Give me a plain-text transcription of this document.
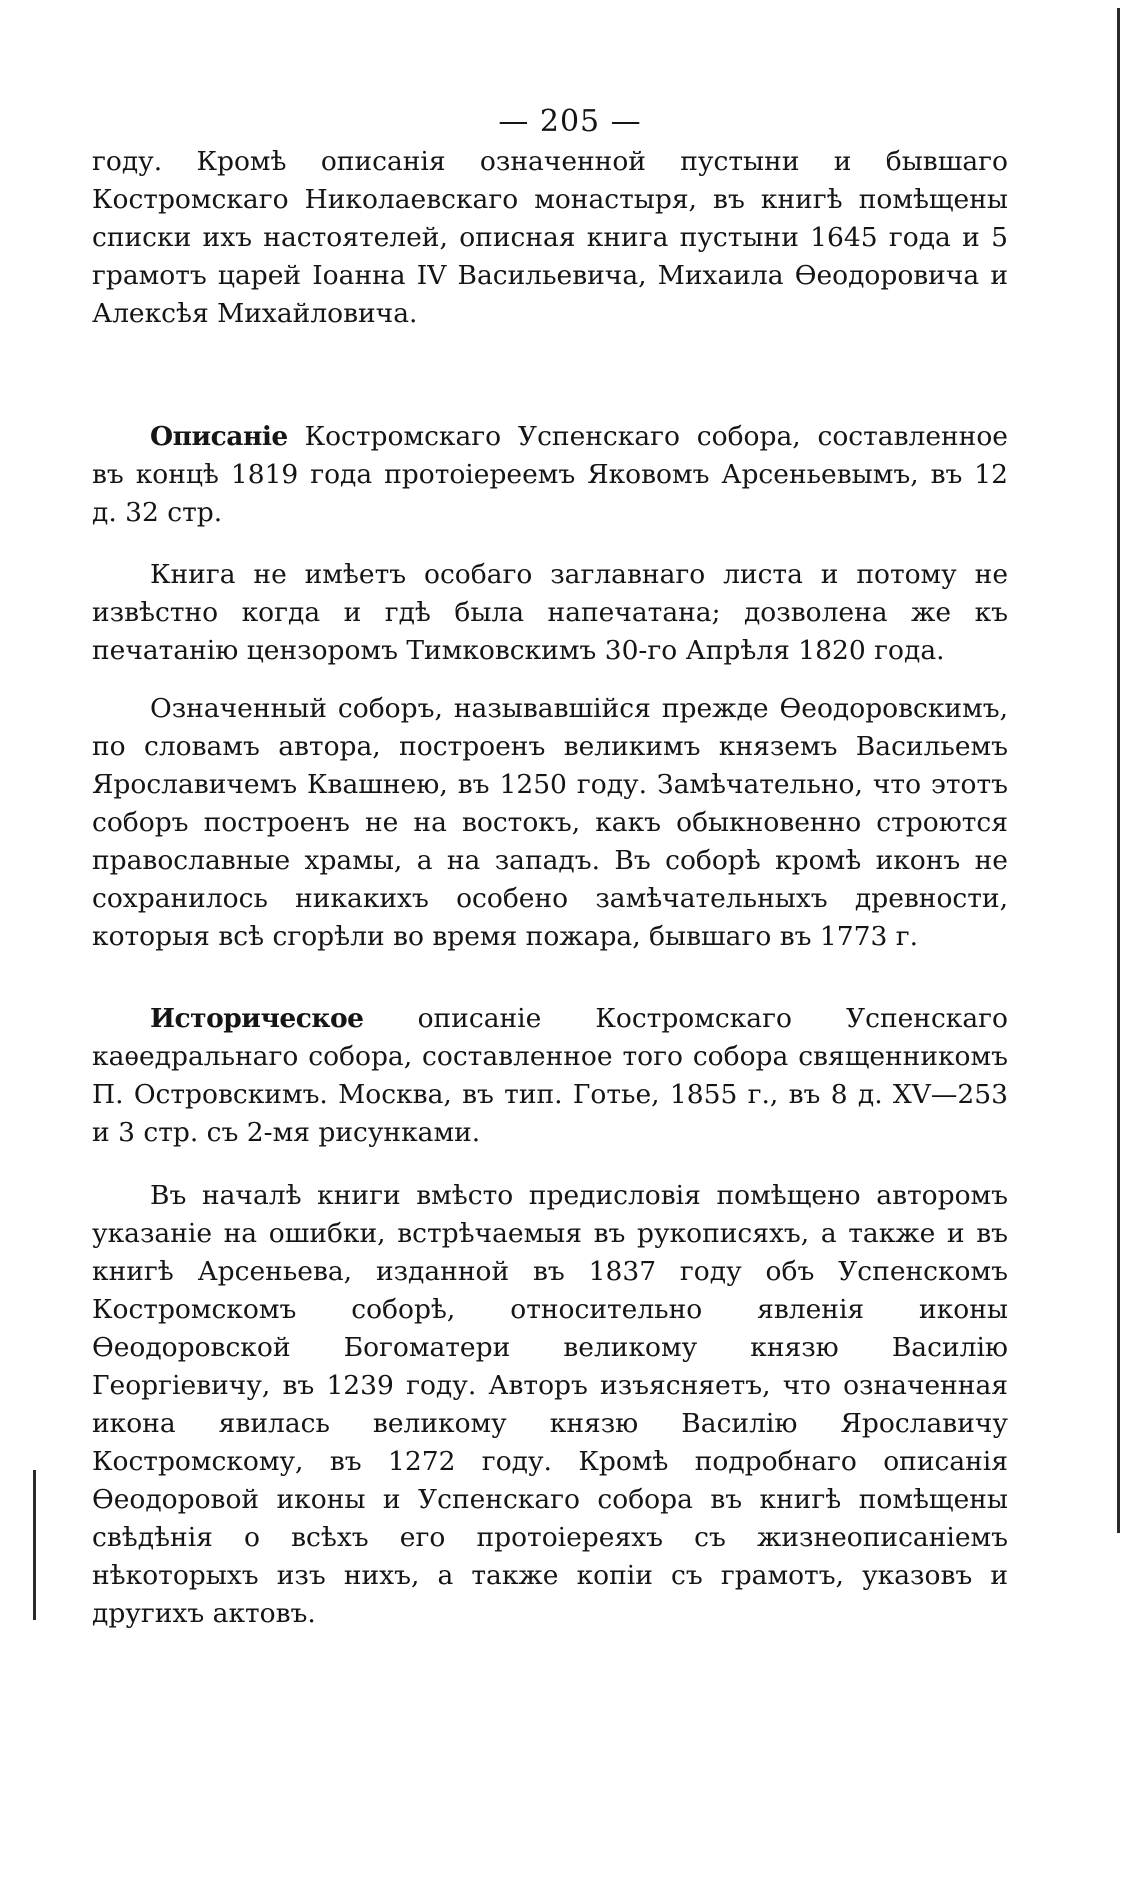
— 205 —

году. Кромѣ описанія означенной пустыни и бывшаго Костромскаго Николаевскаго монастыря, въ книгѣ помѣщены списки ихъ настоятелей, описная книга пустыни 1645 года и 5 грамотъ царей Іоанна IV Васильевича, Михаила Ѳеодоровича и Алексѣя Михайловича.

Описаніе Костромскаго Успенскаго собора, составленное въ концѣ 1819 года протоіереемъ Яковомъ Арсеньевымъ, въ 12 д. 32 стр.

Книга не имѣетъ особаго заглавнаго листа и потому не извѣстно когда и гдѣ была напечатана; дозволена же къ печатанію цензоромъ Тимковскимъ 30-го Апрѣля 1820 года.

Означенный соборъ, называвшійся прежде Ѳеодоровскимъ, по словамъ автора, построенъ великимъ княземъ Васильемъ Ярославичемъ Квашнею, въ 1250 году. Замѣчательно, что этотъ соборъ построенъ не на востокъ, какъ обыкновенно строются православные храмы, а на западъ. Въ соборѣ кромѣ иконъ не сохранилось никакихъ особено замѣчательныхъ древности, которыя всѣ сгорѣли во время пожара, бывшаго въ 1773 г.

Историческое описаніе Костромскаго Успенскаго каѳедральнаго собора, составленное того собора священникомъ П. Островскимъ. Москва, въ тип. Готье, 1855 г., въ 8 д. XV—253 и 3 стр. съ 2-мя рисунками.

Въ началѣ книги вмѣсто предисловія помѣщено авторомъ указаніе на ошибки, встрѣчаемыя въ рукописяхъ, а также и въ книгѣ Арсеньева, изданной въ 1837 году объ Успенскомъ Костромскомъ соборѣ, относительно явленія иконы Ѳеодоровской Богоматери великому князю Василію Георгіевичу, въ 1239 году. Авторъ изъясняетъ, что означенная икона явилась великому князю Василію Ярославичу Костромскому, въ 1272 году. Кромѣ подробнаго описанія Ѳеодоровой иконы и Успенскаго собора въ книгѣ помѣщены свѣдѣнія о всѣхъ его протоіереяхъ съ жизнеописаніемъ нѣкоторыхъ изъ нихъ, а также копіи съ грамотъ, указовъ и другихъ актовъ.
